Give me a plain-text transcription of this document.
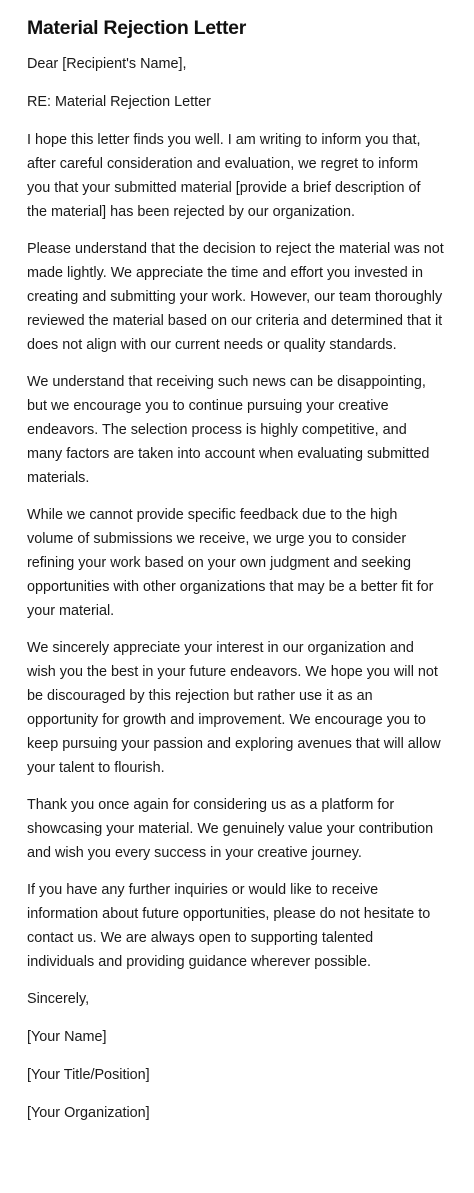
Material Rejection Letter

Dear [Recipient's Name],

RE: Material Rejection Letter

I hope this letter finds you well. I am writing to inform you that, after careful consideration and evaluation, we regret to inform you that your submitted material [provide a brief description of the material] has been rejected by our organization.

Please understand that the decision to reject the material was not made lightly. We appreciate the time and effort you invested in creating and submitting your work. However, our team thoroughly reviewed the material based on our criteria and determined that it does not align with our current needs or quality standards.

We understand that receiving such news can be disappointing, but we encourage you to continue pursuing your creative endeavors. The selection process is highly competitive, and many factors are taken into account when evaluating submitted materials.

While we cannot provide specific feedback due to the high volume of submissions we receive, we urge you to consider refining your work based on your own judgment and seeking opportunities with other organizations that may be a better fit for your material.

We sincerely appreciate your interest in our organization and wish you the best in your future endeavors. We hope you will not be discouraged by this rejection but rather use it as an opportunity for growth and improvement. We encourage you to keep pursuing your passion and exploring avenues that will allow your talent to flourish.

Thank you once again for considering us as a platform for showcasing your material. We genuinely value your contribution and wish you every success in your creative journey.

If you have any further inquiries or would like to receive information about future opportunities, please do not hesitate to contact us. We are always open to supporting talented individuals and providing guidance wherever possible.

Sincerely,

[Your Name]

[Your Title/Position]

[Your Organization]
